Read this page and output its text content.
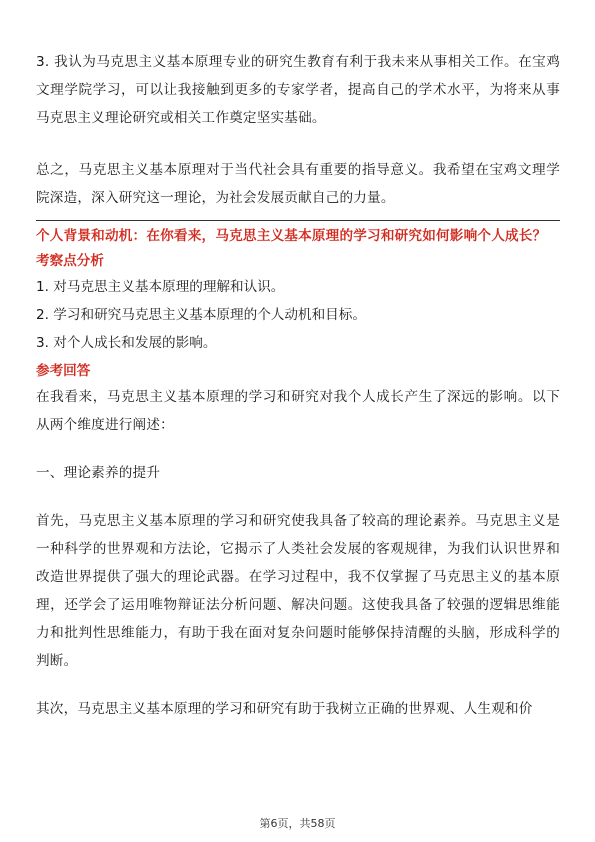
3. 我认为马克思主义基本原理专业的研究生教育有利于我未来从事相关工作。在宝鸡文理学院学习，可以让我接触到更多的专家学者，提高自己的学术水平，为将来从事马克思主义理论研究或相关工作奠定坚实基础。

总之，马克思主义基本原理对于当代社会具有重要的指导意义。我希望在宝鸡文理学院深造，深入研究这一理论，为社会发展贡献自己的力量。

个人背景和动机：在你看来，马克思主义基本原理的学习和研究如何影响个人成长？

考察点分析

1. 对马克思主义基本原理的理解和认识。

2. 学习和研究马克思主义基本原理的个人动机和目标。

3. 对个人成长和发展的影响。

参考回答

在我看来，马克思主义基本原理的学习和研究对我个人成长产生了深远的影响。以下从两个维度进行阐述：

一、理论素养的提升

首先，马克思主义基本原理的学习和研究使我具备了较高的理论素养。马克思主义是一种科学的世界观和方法论，它揭示了人类社会发展的客观规律，为我们认识世界和改造世界提供了强大的理论武器。在学习过程中，我不仅掌握了马克思主义的基本原理，还学会了运用唯物辩证法分析问题、解决问题。这使我具备了较强的逻辑思维能力和批判性思维能力，有助于我在面对复杂问题时能够保持清醒的头脑，形成科学的判断。

其次，马克思主义基本原理的学习和研究有助于我树立正确的世界观、人生观和价

第6页，共58页
